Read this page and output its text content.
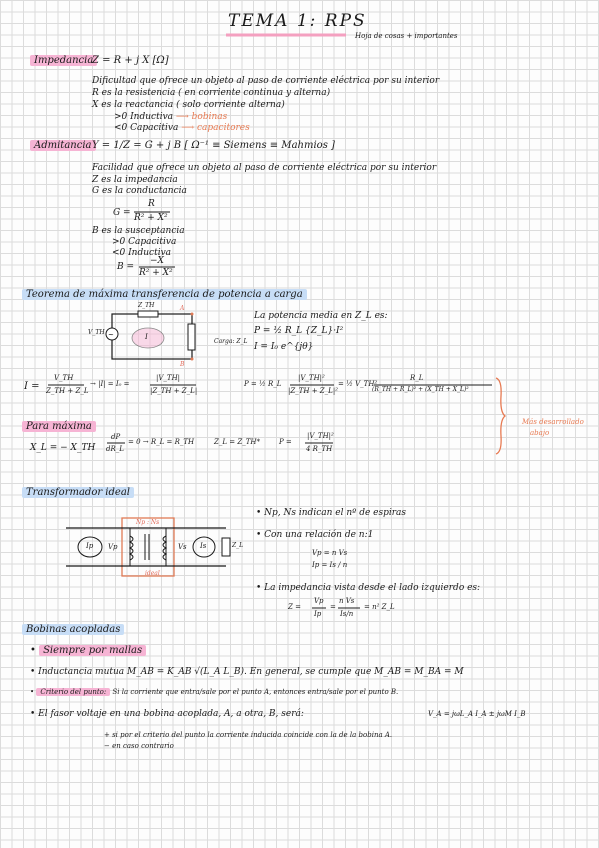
TEMA 1: RPS
Hoja de cosas + importantes
Impedancia
Z = R + j X [Ω]
Dificultad que ofrece un objeto al paso de corriente eléctrica por su interior
R es la resistencia ( en corriente continua y alterna)
X es la reactancia ( solo corriente alterna)
>0 Inductiva ⟶ bobinas
<0 Capacitiva ⟶ capacitores
Admitancia Y = 1/Z = G + j B [ Ω⁻¹ ≡ Siemens ≡ Mahmios ]
Facilidad que ofrece un objeto al paso de corriente eléctrica por su interior
Z es la impedancia
G es la conductancia
G =
R
R² + X²
B es la susceptancia
>0 Capacitiva
<0 Inductiva
B =
−X
R² + X²
Teorema de máxima transferencia de potencia a carga
~
V_TH
Z_TH	A
B
I
Carga: Z_L
La potencia media en Z_L es:
P = ½ R_L {Z_L}·I²
I = I₀ e^{jθ}
I =
V_TH
Z_TH + Z_L
→ |I| = I₀ =
|V_TH|
|Z_TH + Z_L|
P = ½ R_L
|V_TH|²
|Z_TH + Z_L|²
= ½ V_TH²
R_L
(R_TH + R_L)² + (X_TH + X_L)²
Más desarrollado
abajo
Para máxima
X_L = − X_TH
dP
dR_L
= 0 → R_L = R_TH	Z_L = Z_TH*	P =
|V_TH|²
4 R_TH
Transformador ideal
Np : Ns
ideal
Ip Vp	Vs Is	Z_L
• Np, Ns indican el nº de espiras
• Con una relación de n:1
Vp = n Vs
Ip = Is / n
• La impedancia vista desde el lado izquierdo es:
Z =
Vp
Ip
=
n Vs
Is/n
= n² Z_L
Bobinas acopladas
• Siempre por mallas
• Inductancia mutua M_AB = K_AB √(L_A L_B). En general, se cumple que M_AB = M_BA = M
• Criterio del punto: Si la corriente que entra/sale por el punto A, entonces entra/sale por el punto B.
• El fasor voltaje en una bobina acoplada, A, a otra, B, será:	V_A = jωL_A I_A ± jωM I_B
+ si por el criterio del punto la corriente inducida coincide con la de la bobina A.
− en caso contrario
